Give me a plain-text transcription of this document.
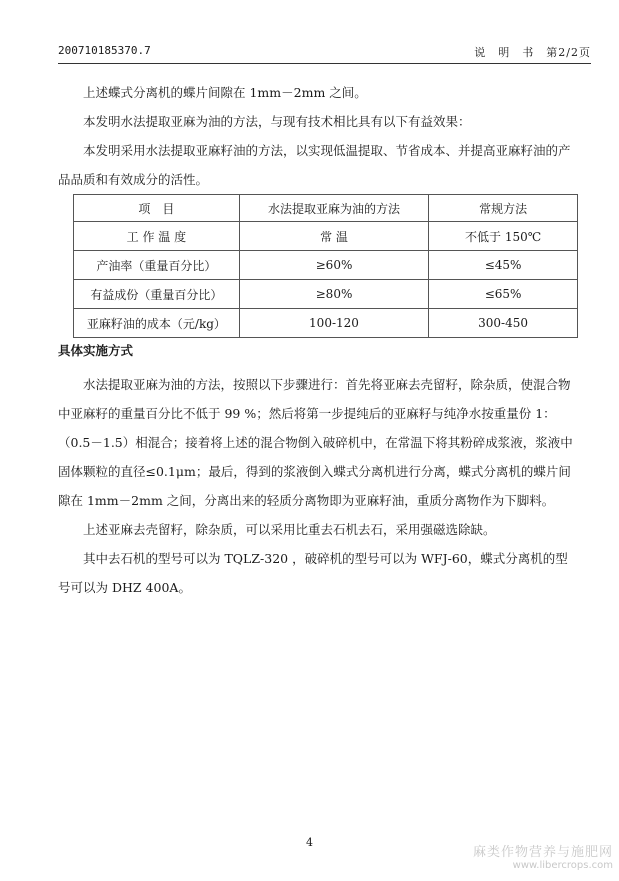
200710185370.7	说　明　书　第2/2页
上述蝶式分离机的蝶片间隙在 1mm－2mm 之间。
本发明水法提取亚麻为油的方法，与现有技术相比具有以下有益效果：
本发明采用水法提取亚麻籽油的方法，以实现低温提取、节省成本、并提高亚麻籽油的产品品质和有效成分的活性。
项　目	水法提取亚麻为油的方法	常规方法
工 作 温 度	常 温	不低于 150℃
产油率（重量百分比）	≥60%	≤45%
有益成份（重量百分比）	≥80%	≤65%
亚麻籽油的成本（元/kg）	100-120	300-450
具体实施方式
水法提取亚麻为油的方法，按照以下步骤进行：首先将亚麻去壳留籽，除杂质，使混合物中亚麻籽的重量百分比不低于 99 %；然后将第一步提纯后的亚麻籽与纯净水按重量份 1：（0.5－1.5）相混合；接着将上述的混合物倒入破碎机中，在常温下将其粉碎成浆液，浆液中固体颗粒的直径≤0.1μm；最后，得到的浆液倒入蝶式分离机进行分离，蝶式分离机的蝶片间隙在 1mm－2mm 之间，分离出来的轻质分离物即为亚麻籽油，重质分离物作为下脚料。
上述亚麻去壳留籽，除杂质，可以采用比重去石机去石，采用强磁选除缺。
其中去石机的型号可以为 TQLZ-320 ，破碎机的型号可以为 WFJ-60，蝶式分离机的型号可以为 DHZ 400A。
4
麻类作物营养与施肥网
www.libercrops.com
